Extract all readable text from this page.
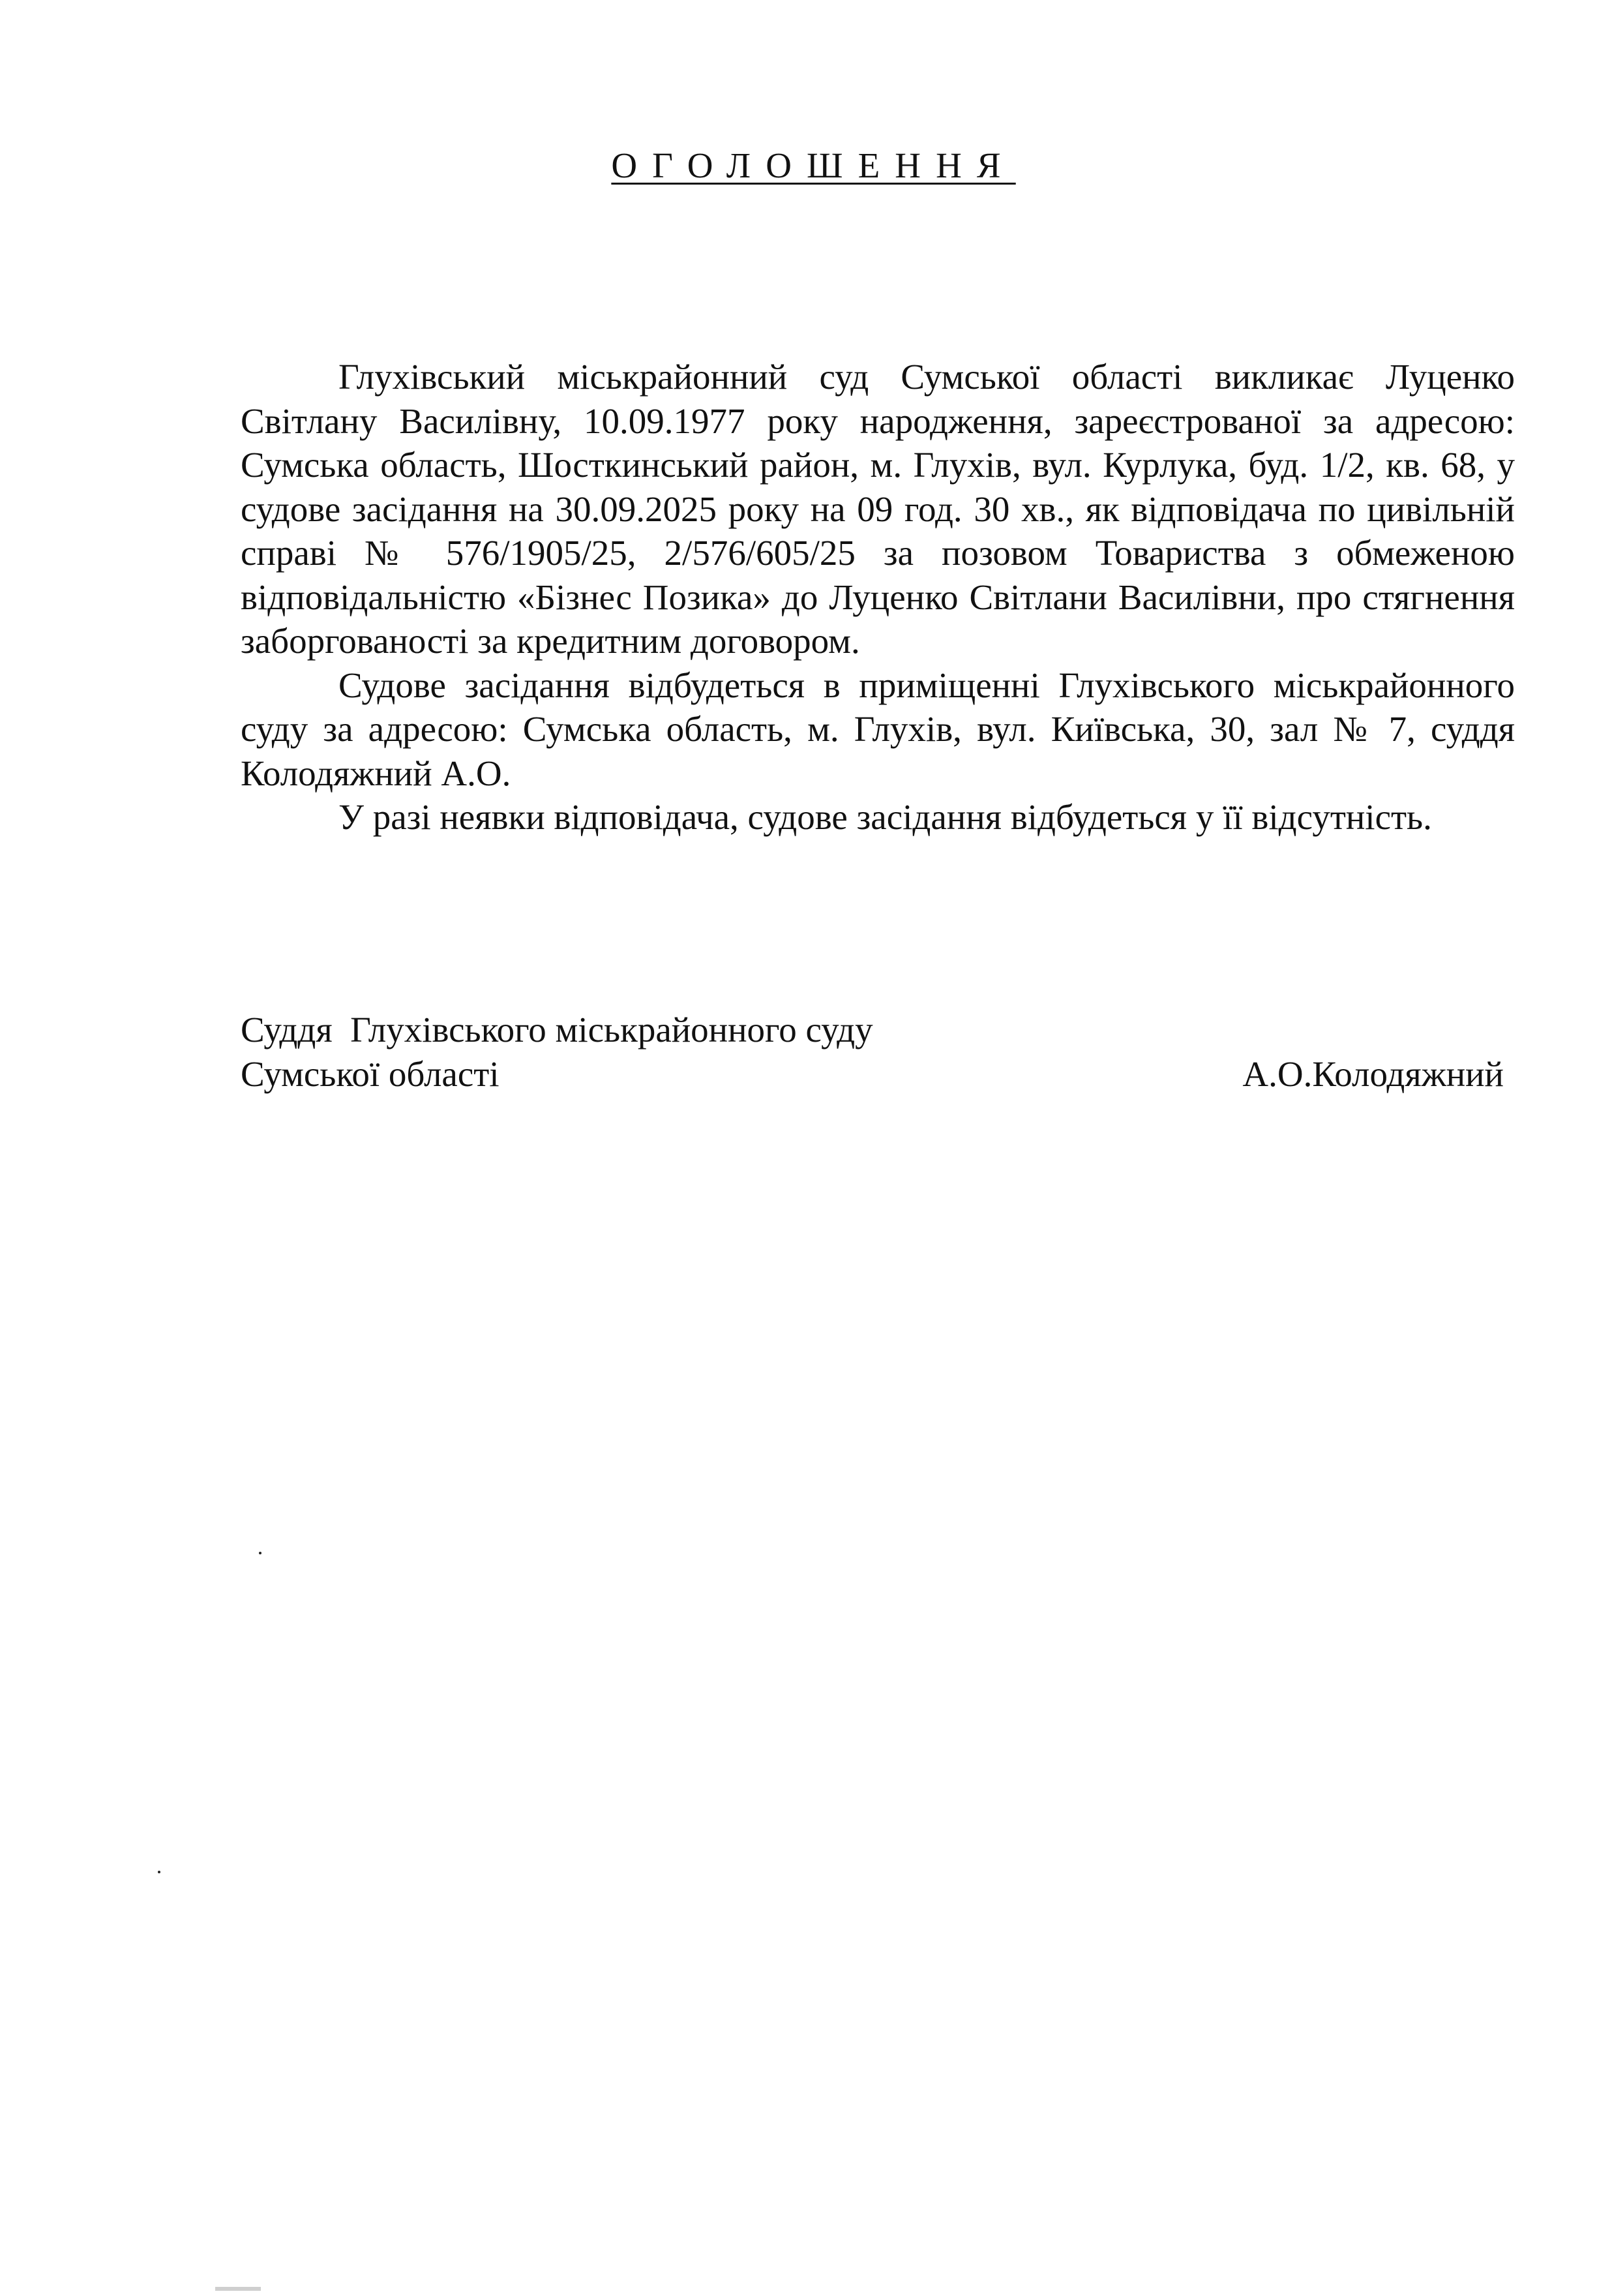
ОГОЛОШЕННЯ

Глухівський міськрайонний суд Сумської області викликає Луценко Світлану Василівну, 10.09.1977 року народження, зареєстрованої за адресою: Сумська область, Шосткинський район, м. Глухів, вул. Курлука, буд. 1/2, кв. 68, у судове засідання на 30.09.2025 року на 09 год. 30 хв., як відповідача по цивільній справі № 576/1905/25, 2/576/605/25 за позовом Товариства з обмеженою відповідальністю «Бізнес Позика» до Луценко Світлани Василівни, про стягнення заборгованості за кредитним договором.

Судове засідання відбудеться в приміщенні Глухівського міськрайонного суду за адресою: Сумська область, м. Глухів, вул. Київська, 30, зал № 7, суддя Колодяжний А.О.

У разі неявки відповідача, судове засідання відбудеться у її відсутність.

Суддя  Глухівського міськрайонного суду
Сумської області	А.О.Колодяжний
